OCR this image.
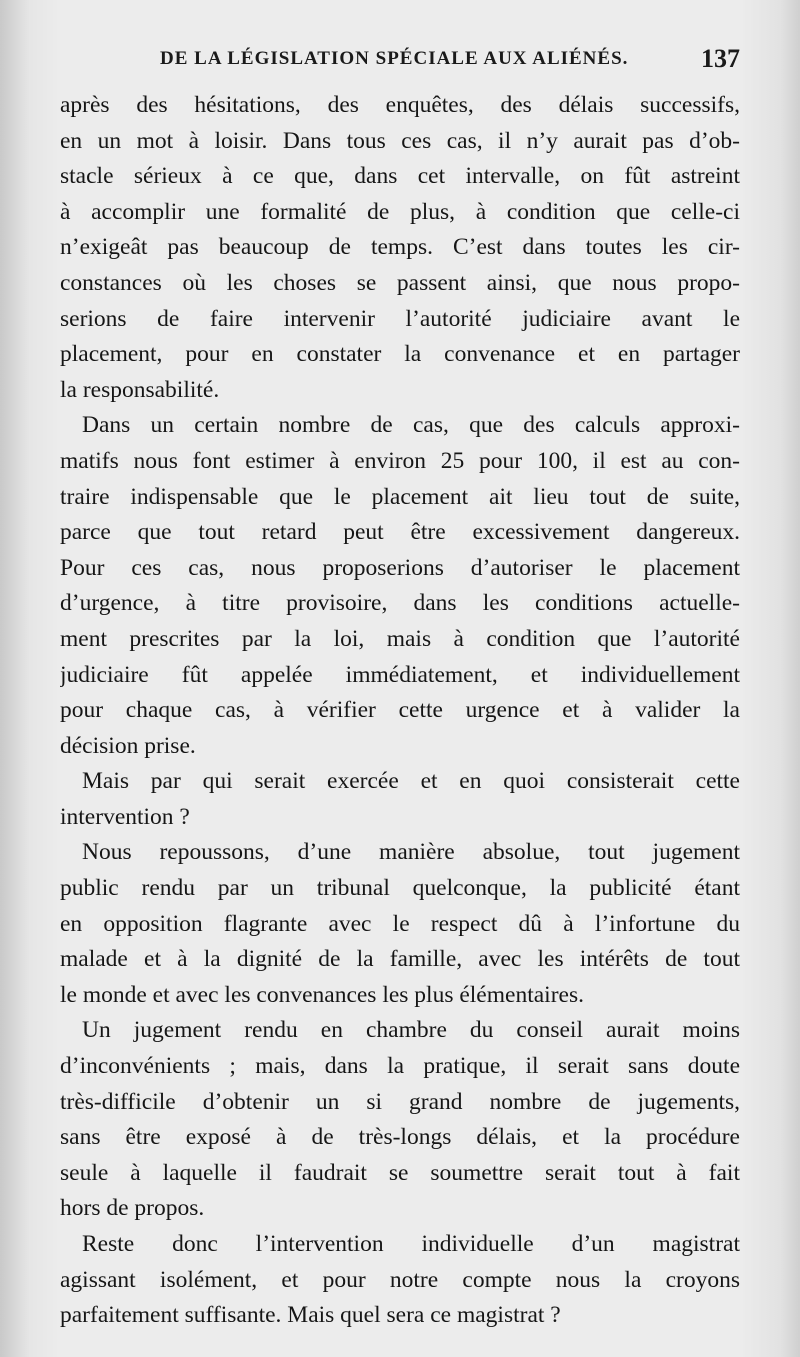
DE LA LÉGISLATION SPÉCIALE AUX ALIÉNÉS.	137
après des hésitations, des enquêtes, des délais successifs,
en un mot à loisir. Dans tous ces cas, il n’y aurait pas d’ob-
stacle sérieux à ce que, dans cet intervalle, on fût astreint
à accomplir une formalité de plus, à condition que celle-ci
n’exigeât pas beaucoup de temps. C’est dans toutes les cir-
constances où les choses se passent ainsi, que nous propo-
serions de faire intervenir l’autorité judiciaire avant le
placement, pour en constater la convenance et en partager
la responsabilité.
Dans un certain nombre de cas, que des calculs approxi-
matifs nous font estimer à environ 25 pour 100, il est au con-
traire indispensable que le placement ait lieu tout de suite,
parce que tout retard peut être excessivement dangereux.
Pour ces cas, nous proposerions d’autoriser le placement
d’urgence, à titre provisoire, dans les conditions actuelle-
ment prescrites par la loi, mais à condition que l’autorité
judiciaire fût appelée immédiatement, et individuellement
pour chaque cas, à vérifier cette urgence et à valider la
décision prise.
Mais par qui serait exercée et en quoi consisterait cette
intervention ?
Nous repoussons, d’une manière absolue, tout jugement
public rendu par un tribunal quelconque, la publicité étant
en opposition flagrante avec le respect dû à l’infortune du
malade et à la dignité de la famille, avec les intérêts de tout
le monde et avec les convenances les plus élémentaires.
Un jugement rendu en chambre du conseil aurait moins
d’inconvénients ; mais, dans la pratique, il serait sans doute
très-difficile d’obtenir un si grand nombre de jugements,
sans être exposé à de très-longs délais, et la procédure
seule à laquelle il faudrait se soumettre serait tout à fait
hors de propos.
Reste donc l’intervention individuelle d’un magistrat
agissant isolément, et pour notre compte nous la croyons
parfaitement suffisante. Mais quel sera ce magistrat ?
